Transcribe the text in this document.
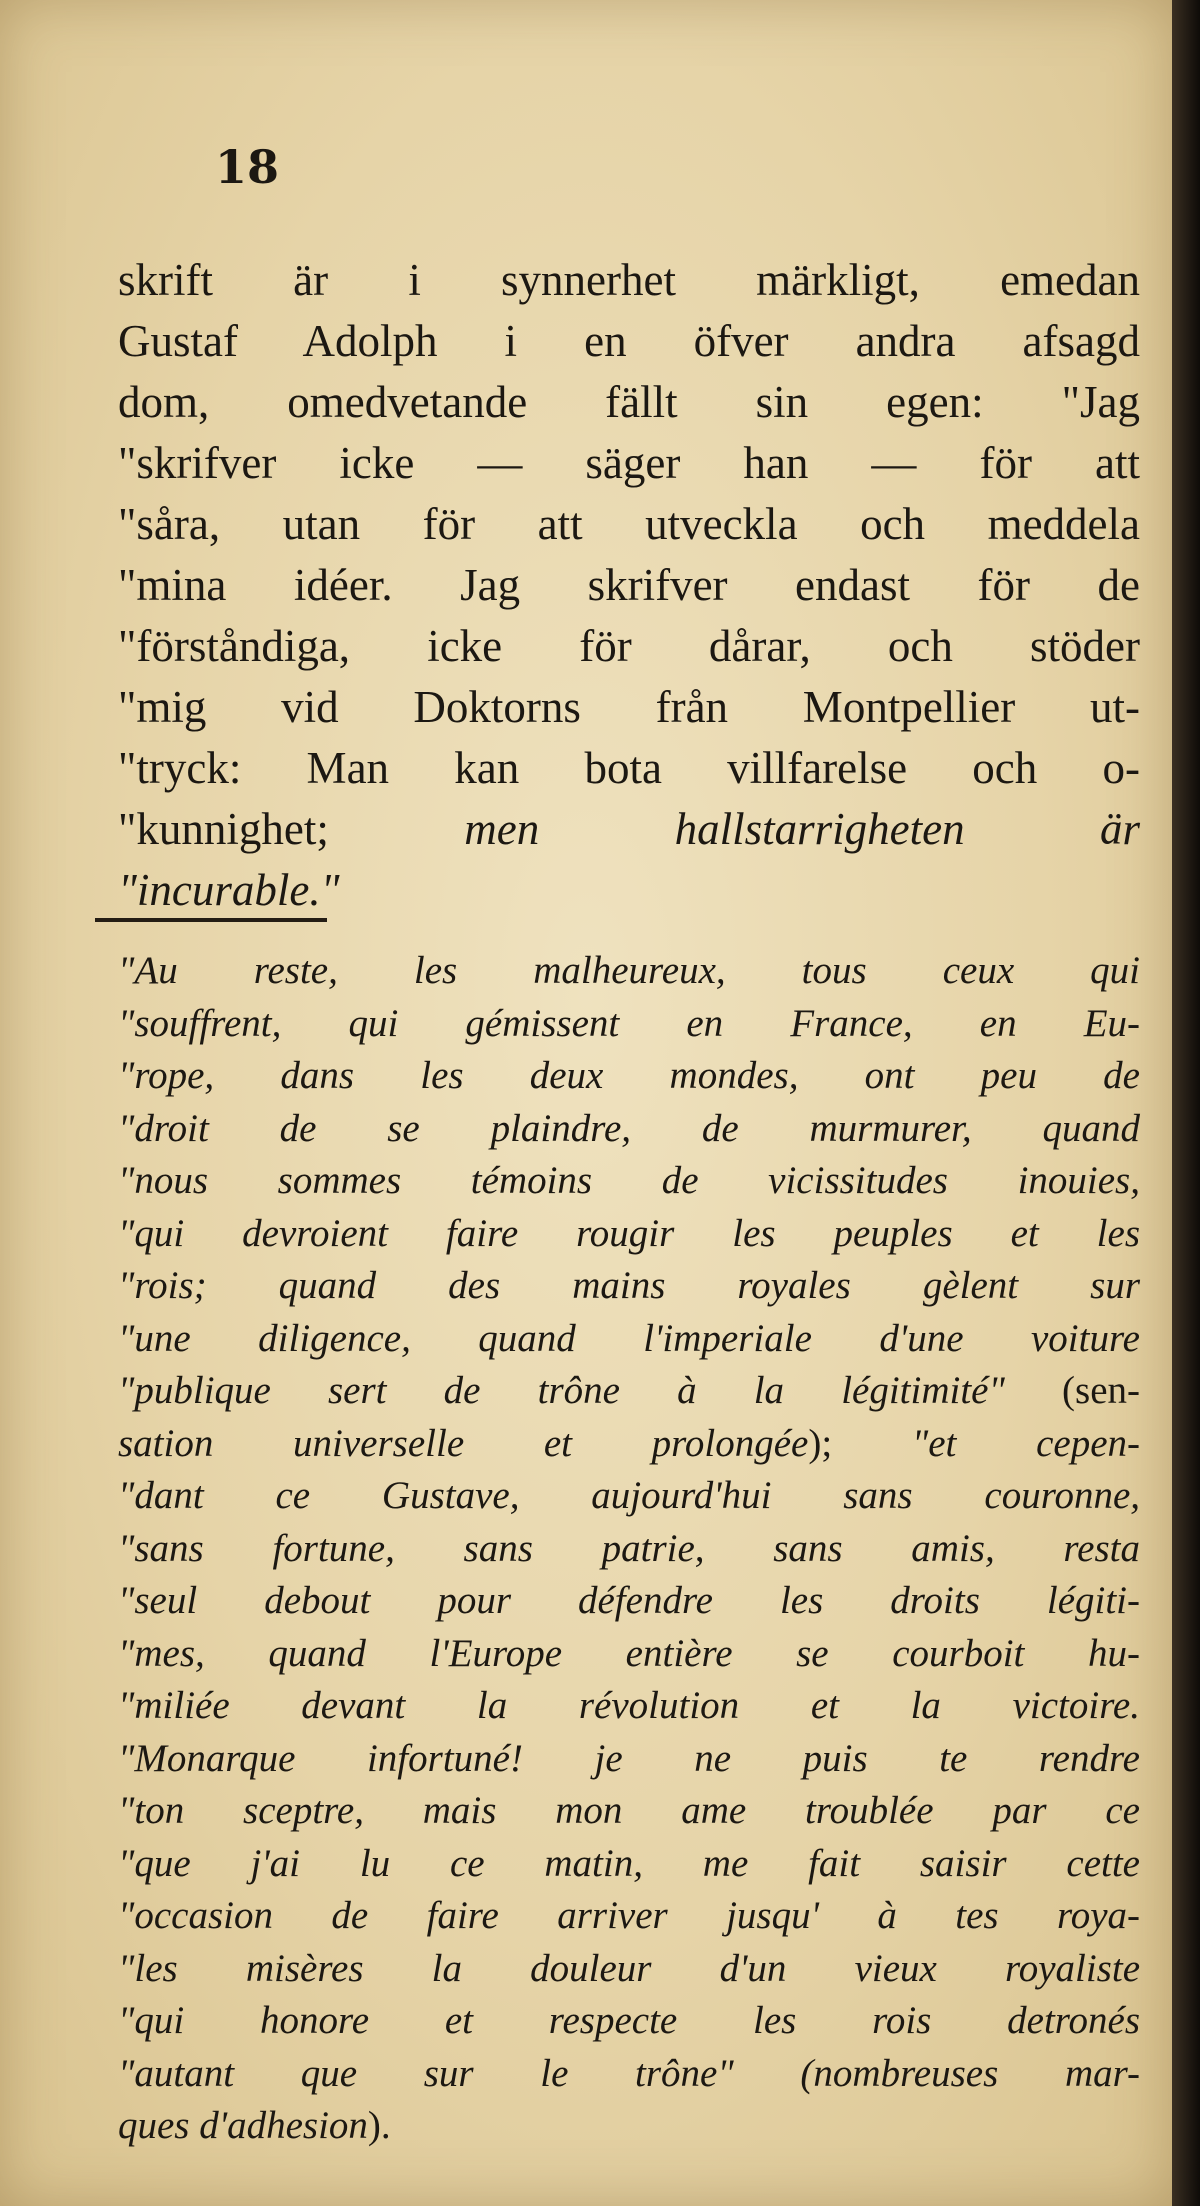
18
skrift är i synnerhet märkligt, emedan
Gustaf Adolph i en öfver andra afsagd
dom, omedvetande fällt sin egen: "Jag
"skrifver icke — säger han — för att
"såra, utan för att utveckla och meddela
"mina idéer. Jag skrifver endast för de
"förståndiga, icke för dårar, och stöder
"mig vid Doktorns från Montpellier ut-
"tryck: Man kan bota villfarelse och o-
"kunnighet;	men hallstarrigheten är
"incurable."
"Au reste, les malheureux, tous ceux qui
"souffrent, qui gémissent en France, en Eu-
"rope, dans les deux mondes, ont peu de
"droit de se plaindre, de murmurer, quand
"nous sommes témoins de vicissitudes inouies,
"qui devroient faire rougir les peuples et les
"rois; quand des mains royales gèlent sur
"une diligence, quand l'imperiale d'une voiture
"publique sert de trône à la légitimité" (sen-
sation universelle et prolongée); "et cepen-
"dant ce Gustave, aujourd'hui sans couronne,
"sans fortune, sans patrie, sans amis, resta
"seul debout pour défendre les droits légiti-
"mes, quand l'Europe entière se courboit hu-
"miliée devant la révolution et la victoire.
"Monarque infortuné! je ne puis te rendre
"ton sceptre, mais mon ame troublée par ce
"que j'ai lu ce matin, me fait saisir cette
"occasion de faire arriver jusqu' à tes roya-
"les misères la douleur d'un vieux royaliste
"qui honore et respecte les rois detronés
"autant que sur le trône" (nombreuses mar-
ques d'adhesion).
